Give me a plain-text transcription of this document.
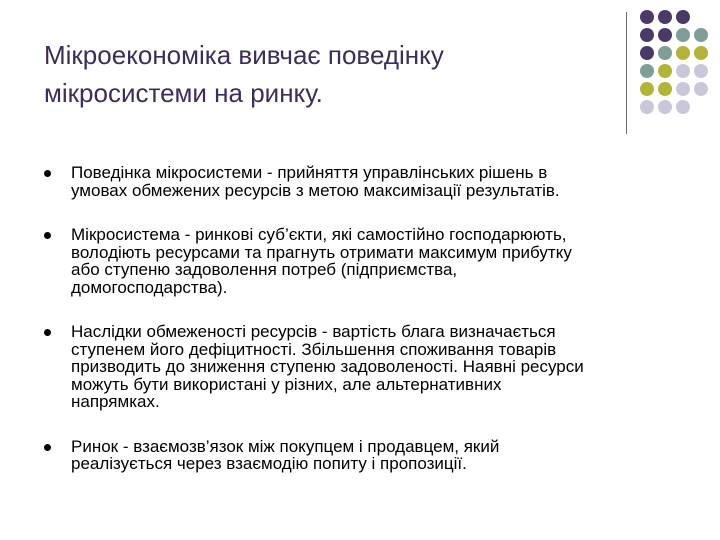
Мікроекономіка вивчає поведінку
мікросистеми на ринку.
Поведінка мікросистеми - прийняття управлінських рішень в
умовах обмежених ресурсів з метою максимізації результатів.
Мікросистема - ринкові суб’єкти, які самостійно господарюють,
володіють ресурсами та прагнуть отримати максимум прибутку
або ступеню задоволення потреб (підприємства,
домогосподарства).
Наслідки обмеженості ресурсів - вартість блага визначається
ступенем його дефіцитності. Збільшення споживання товарів
призводить до зниження ступеню задоволеності. Наявні ресурси
можуть бути використані у різних, але альтернативних
напрямках.
Ринок - взаємозв’язок між покупцем і продавцем, який
реалізується через взаємодію попиту і пропозиції.
